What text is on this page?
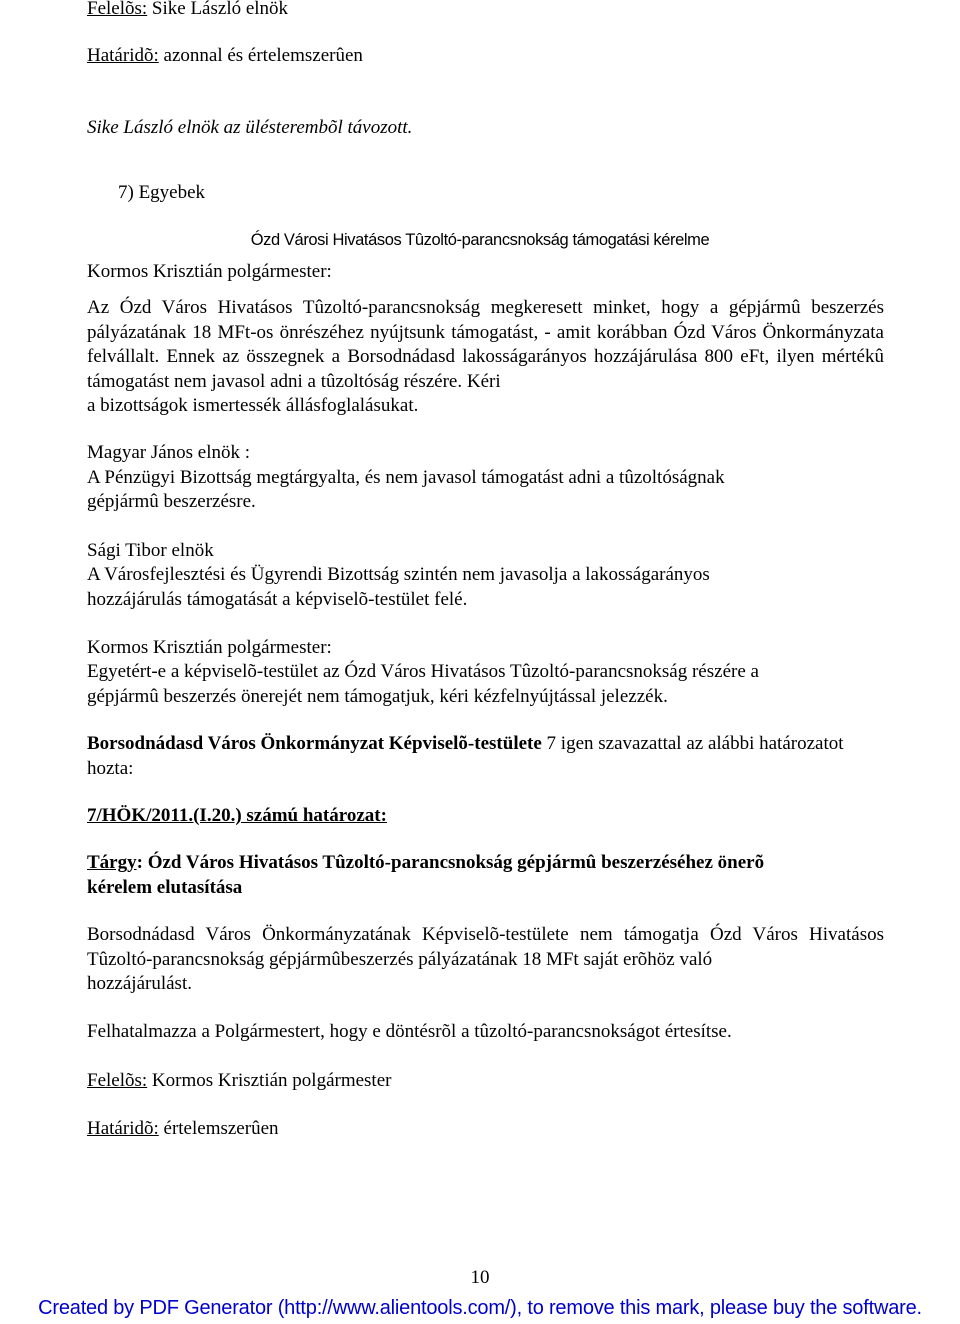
Felelõs: Sike László elnök
Határidõ: azonnal és értelemszerûen
Sike László elnök az ülésterembõl távozott.
7) Egyebek
Ózd Városi Hivatásos Tûzoltó-parancsnokság támogatási kérelme
Kormos Krisztián polgármester:
Az Ózd Város Hivatásos Tûzoltó-parancsnokság megkeresett minket, hogy a gépjármû beszerzés pályázatának 18 MFt-os önrészéhez nyújtsunk támogatást, - amit korábban Ózd Város Önkormányzata felvállalt. Ennek az összegnek a Borsodnádasd lakosságarányos hozzájárulása 800 eFt, ilyen mértékû támogatást nem javasol adni a tûzoltóság részére. Kéri
a bizottságok ismertessék állásfoglalásukat.
Magyar János elnök :
A Pénzügyi Bizottság megtárgyalta, és nem javasol támogatást adni a tûzoltóságnak
gépjármû beszerzésre.
Sági Tibor elnök
A Városfejlesztési és Ügyrendi Bizottság szintén nem javasolja a lakosságarányos
hozzájárulás támogatását a képviselõ-testület felé.
Kormos Krisztián polgármester:
Egyetért-e a képviselõ-testület az Ózd Város Hivatásos Tûzoltó-parancsnokság részére a
gépjármû beszerzés önerejét nem támogatjuk, kéri kézfelnyújtással jelezzék.
Borsodnádasd Város Önkormányzat Képviselõ-testülete 7 igen szavazattal az alábbi határozatot
hozta:
7/HÖK/2011.(I.20.) számú határozat:
Tárgy: Ózd Város Hivatásos Tûzoltó-parancsnokság gépjármû beszerzéséhez önerõ
kérelem elutasítása
Borsodnádasd Város Önkormányzatának Képviselõ-testülete nem támogatja Ózd Város Hivatásos Tûzoltó-parancsnokság gépjármûbeszerzés pályázatának 18 MFt saját erõhöz való
hozzájárulást.
Felhatalmazza a Polgármestert, hogy e döntésrõl a tûzoltó-parancsnokságot értesítse.
Felelõs: Kormos Krisztián polgármester
Határidõ: értelemszerûen
10
Created by PDF Generator (http://www.alientools.com/), to remove this mark, please buy the software.
